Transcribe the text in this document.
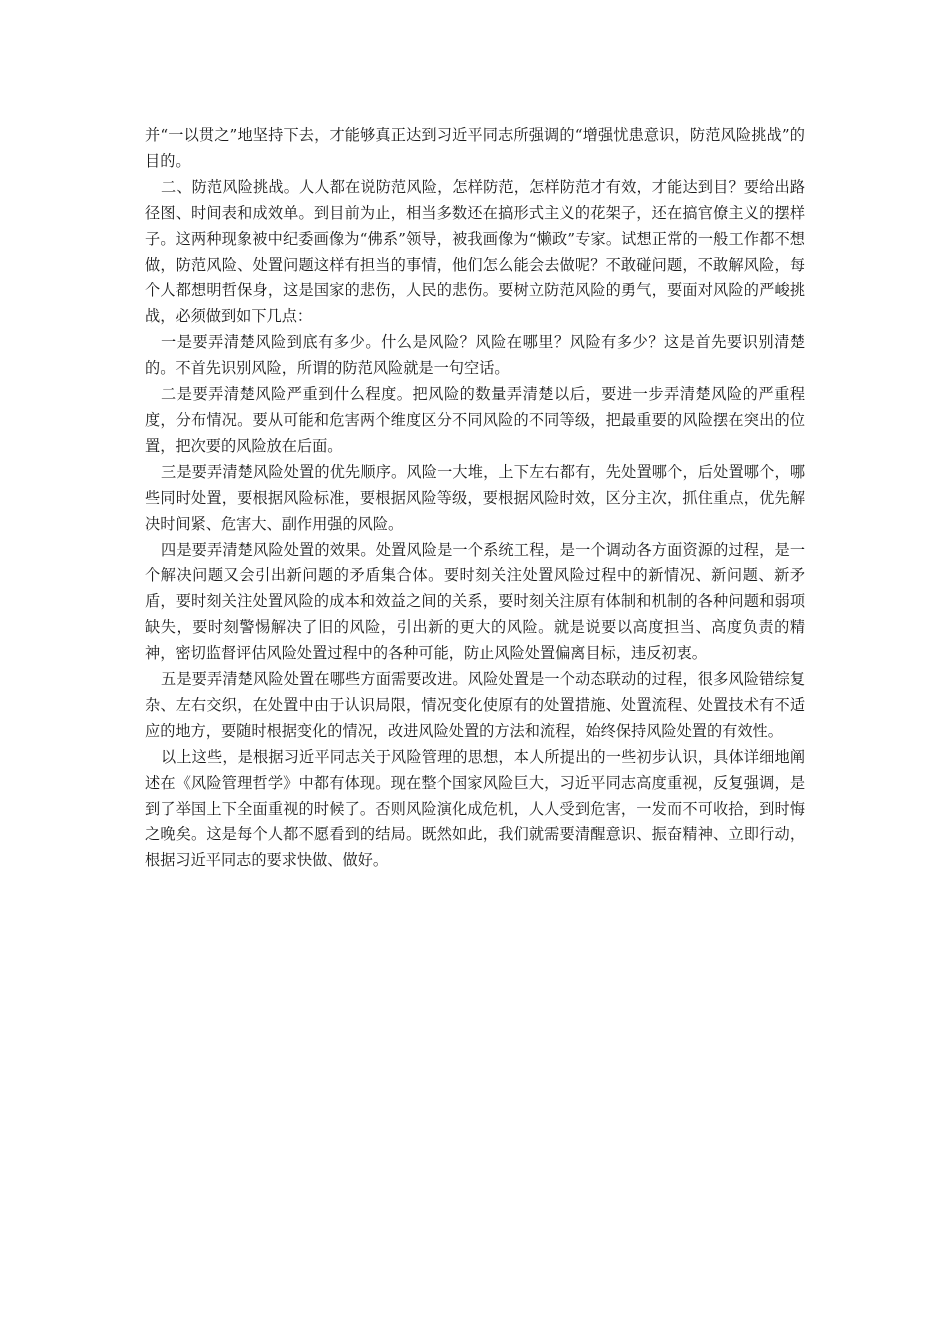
并“一以贯之”地坚持下去，才能够真正达到习近平同志所强调的“增强忧患意识，防范风险挑战”的目的。

二、防范风险挑战。人人都在说防范风险，怎样防范，怎样防范才有效，才能达到目？要给出路径图、时间表和成效单。到目前为止，相当多数还在搞形式主义的花架子，还在搞官僚主义的摆样子。这两种现象被中纪委画像为“佛系”领导，被我画像为“懒政”专家。试想正常的一般工作都不想做，防范风险、处置问题这样有担当的事情，他们怎么能会去做呢？不敢碰问题，不敢解风险，每个人都想明哲保身，这是国家的悲伤，人民的悲伤。要树立防范风险的勇气，要面对风险的严峻挑战，必须做到如下几点：

一是要弄清楚风险到底有多少。什么是风险？风险在哪里？风险有多少？这是首先要识别清楚的。不首先识别风险，所谓的防范风险就是一句空话。

二是要弄清楚风险严重到什么程度。把风险的数量弄清楚以后，要进一步弄清楚风险的严重程度，分布情况。要从可能和危害两个维度区分不同风险的不同等级，把最重要的风险摆在突出的位置，把次要的风险放在后面。

三是要弄清楚风险处置的优先顺序。风险一大堆，上下左右都有，先处置哪个，后处置哪个，哪些同时处置，要根据风险标准，要根据风险等级，要根据风险时效，区分主次，抓住重点，优先解决时间紧、危害大、副作用强的风险。

四是要弄清楚风险处置的效果。处置风险是一个系统工程，是一个调动各方面资源的过程，是一个解决问题又会引出新问题的矛盾集合体。要时刻关注处置风险过程中的新情况、新问题、新矛盾，要时刻关注处置风险的成本和效益之间的关系，要时刻关注原有体制和机制的各种问题和弱项缺失，要时刻警惕解决了旧的风险，引出新的更大的风险。就是说要以高度担当、高度负责的精神，密切监督评估风险处置过程中的各种可能，防止风险处置偏离目标，违反初衷。

五是要弄清楚风险处置在哪些方面需要改进。风险处置是一个动态联动的过程，很多风险错综复杂、左右交织，在处置中由于认识局限，情况变化使原有的处置措施、处置流程、处置技术有不适应的地方，要随时根据变化的情况，改进风险处置的方法和流程，始终保持风险处置的有效性。

以上这些，是根据习近平同志关于风险管理的思想，本人所提出的一些初步认识，具体详细地阐述在《风险管理哲学》中都有体现。现在整个国家风险巨大，习近平同志高度重视，反复强调，是到了举国上下全面重视的时候了。否则风险演化成危机，人人受到危害，一发而不可收拾，到时悔之晚矣。这是每个人都不愿看到的结局。既然如此，我们就需要清醒意识、振奋精神、立即行动，根据习近平同志的要求快做、做好。
